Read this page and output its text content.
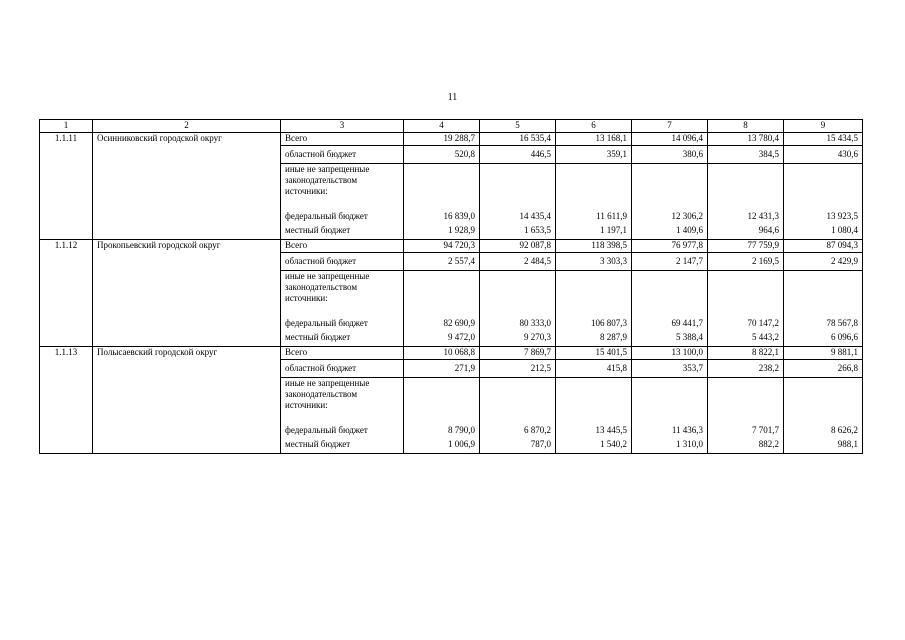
11
1	2	3	4	5	6	7	8	9
1.1.11	Осинниковский городской округ	Всего	19 288,7	16 535,4	13 168,1	14 096,4	13 780,4	15 434,5
		областной бюджет	520,8	446,5	359,1	380,6	384,5	430,6
		иные не запрещенные законодательством источники:						
		федеральный бюджет	16 839,0	14 435,4	11 611,9	12 306,2	12 431,3	13 923,5
		местный бюджет	1 928,9	1 653,5	1 197,1	1 409,6	964,6	1 080,4
1.1.12	Прокопьевский городской округ	Всего	94 720,3	92 087,8	118 398,5	76 977,8	77 759,9	87 094,3
		областной бюджет	2 557,4	2 484,5	3 303,3	2 147,7	2 169,5	2 429,9
		иные не запрещенные законодательством источники:						
		федеральный бюджет	82 690,9	80 333,0	106 807,3	69 441,7	70 147,2	78 567,8
		местный бюджет	9 472,0	9 270,3	8 287,9	5 388,4	5 443,2	6 096,6
1.1.13	Полысаевский городской округ	Всего	10 068,8	7 869,7	15 401,5	13 100,0	8 822,1	9 881,1
		областной бюджет	271,9	212,5	415,8	353,7	238,2	266,8
		иные не запрещенные законодательством источники:						
		федеральный бюджет	8 790,0	6 870,2	13 445,5	11 436,3	7 701,7	8 626,2
		местный бюджет	1 006,9	787,0	1 540,2	1 310,0	882,2	988,1
